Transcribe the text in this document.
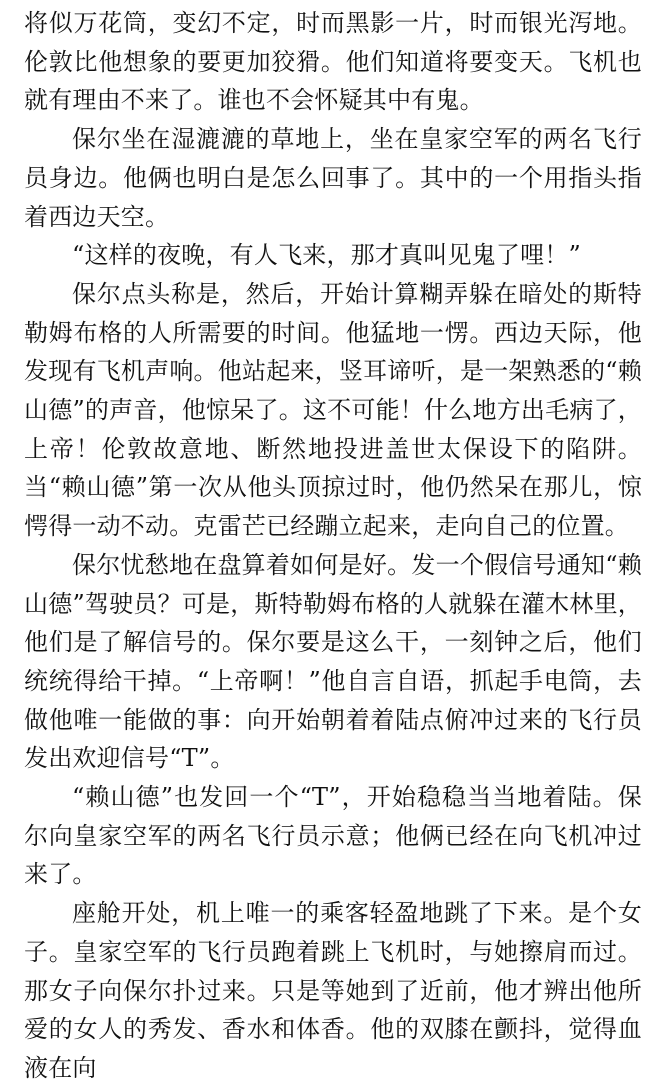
将似万花筒，变幻不定，时而黑影一片，时而银光泻地。伦敦比他想象的要更加狡猾。他们知道将要变天。飞机也就有理由不来了。谁也不会怀疑其中有鬼。

保尔坐在湿漉漉的草地上，坐在皇家空军的两名飞行员身边。他俩也明白是怎么回事了。其中的一个用指头指着西边天空。

“这样的夜晚，有人飞来，那才真叫见鬼了哩！”

保尔点头称是，然后，开始计算糊弄躲在暗处的斯特勒姆布格的人所需要的时间。他猛地一愣。西边天际，他发现有飞机声响。他站起来，竖耳谛听，是一架熟悉的“赖山德”的声音，他惊呆了。这不可能！什么地方出毛病了，上帝！伦敦故意地、断然地投进盖世太保设下的陷阱。当“赖山德”第一次从他头顶掠过时，他仍然呆在那儿，惊愕得一动不动。克雷芒已经蹦立起来，走向自己的位置。

保尔忧愁地在盘算着如何是好。发一个假信号通知“赖山德”驾驶员？可是，斯特勒姆布格的人就躲在灌木林里，他们是了解信号的。保尔要是这么干，一刻钟之后，他们统统得给干掉。“上帝啊！”他自言自语，抓起手电筒，去做他唯一能做的事：向开始朝着着陆点俯冲过来的飞行员发出欢迎信号“T”。

“赖山德”也发回一个“T”，开始稳稳当当地着陆。保尔向皇家空军的两名飞行员示意；他俩已经在向飞机冲过来了。

座舱开处，机上唯一的乘客轻盈地跳了下来。是个女子。皇家空军的飞行员跑着跳上飞机时，与她擦肩而过。那女子向保尔扑过来。只是等她到了近前，他才辨出他所爱的女人的秀发、香水和体香。他的双膝在颤抖，觉得血液在向
